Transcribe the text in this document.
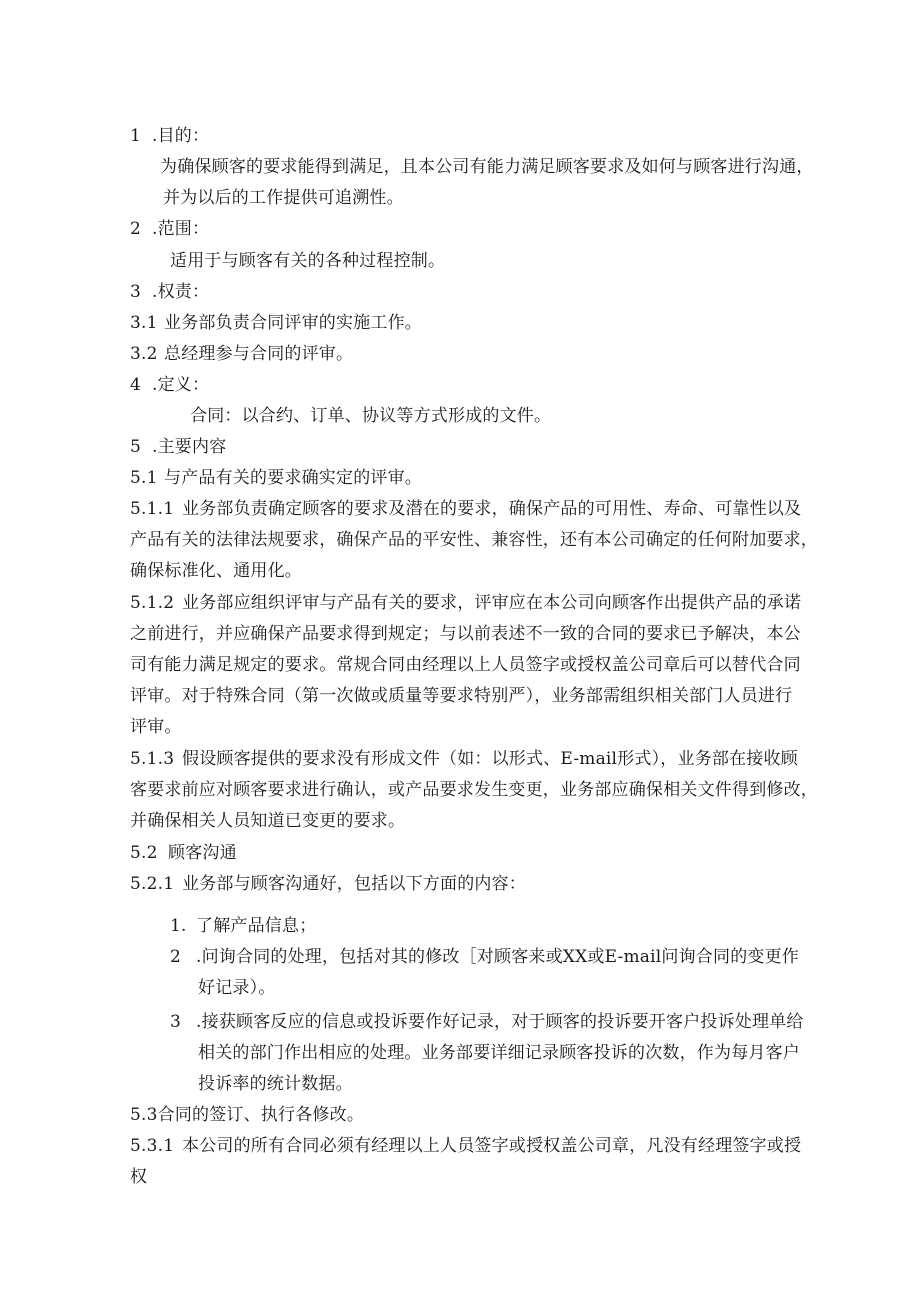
1 .目的：
为确保顾客的要求能得到满足，且本公司有能力满足顾客要求及如何与顾客进行沟通，
并为以后的工作提供可追溯性。
2 .范围：
适用于与顾客有关的各种过程控制。
3 .权责：
3.1 业务部负责合同评审的实施工作。
3.2 总经理参与合同的评审。
4 .定义：
合同：以合约、订单、协议等方式形成的文件。
5 .主要内容
5.1 与产品有关的要求确实定的评审。
5.1.1 业务部负责确定顾客的要求及潜在的要求，确保产品的可用性、寿命、可靠性以及
产品有关的法律法规要求，确保产品的平安性、兼容性，还有本公司确定的任何附加要求，
确保标准化、通用化。
5.1.2 业务部应组织评审与产品有关的要求，评审应在本公司向顾客作出提供产品的承诺
之前进行，并应确保产品要求得到规定；与以前表述不一致的合同的要求已予解决，本公
司有能力满足规定的要求。常规合同由经理以上人员签字或授权盖公司章后可以替代合同
评审。对于特殊合同（第一次做或质量等要求特别严），业务部需组织相关部门人员进行
评审。
5.1.3 假设顾客提供的要求没有形成文件（如：以形式、E-mail形式），业务部在接收顾
客要求前应对顾客要求进行确认，或产品要求发生变更，业务部应确保相关文件得到修改，
并确保相关人员知道已变更的要求。
5.2 顾客沟通
5.2.1 业务部与顾客沟通好，包括以下方面的内容：
1. 了解产品信息；
2 .问询合同的处理，包括对其的修改［对顾客来或XX或E-mail问询合同的变更作
好记录）。
3 .接获顾客反应的信息或投诉要作好记录，对于顾客的投诉要开客户投诉处理单给
相关的部门作出相应的处理。业务部要详细记录顾客投诉的次数，作为每月客户
投诉率的统计数据。
5.3合同的签订、执行各修改。
5.3.1 本公司的所有合同必须有经理以上人员签字或授权盖公司章，凡没有经理签字或授
权
